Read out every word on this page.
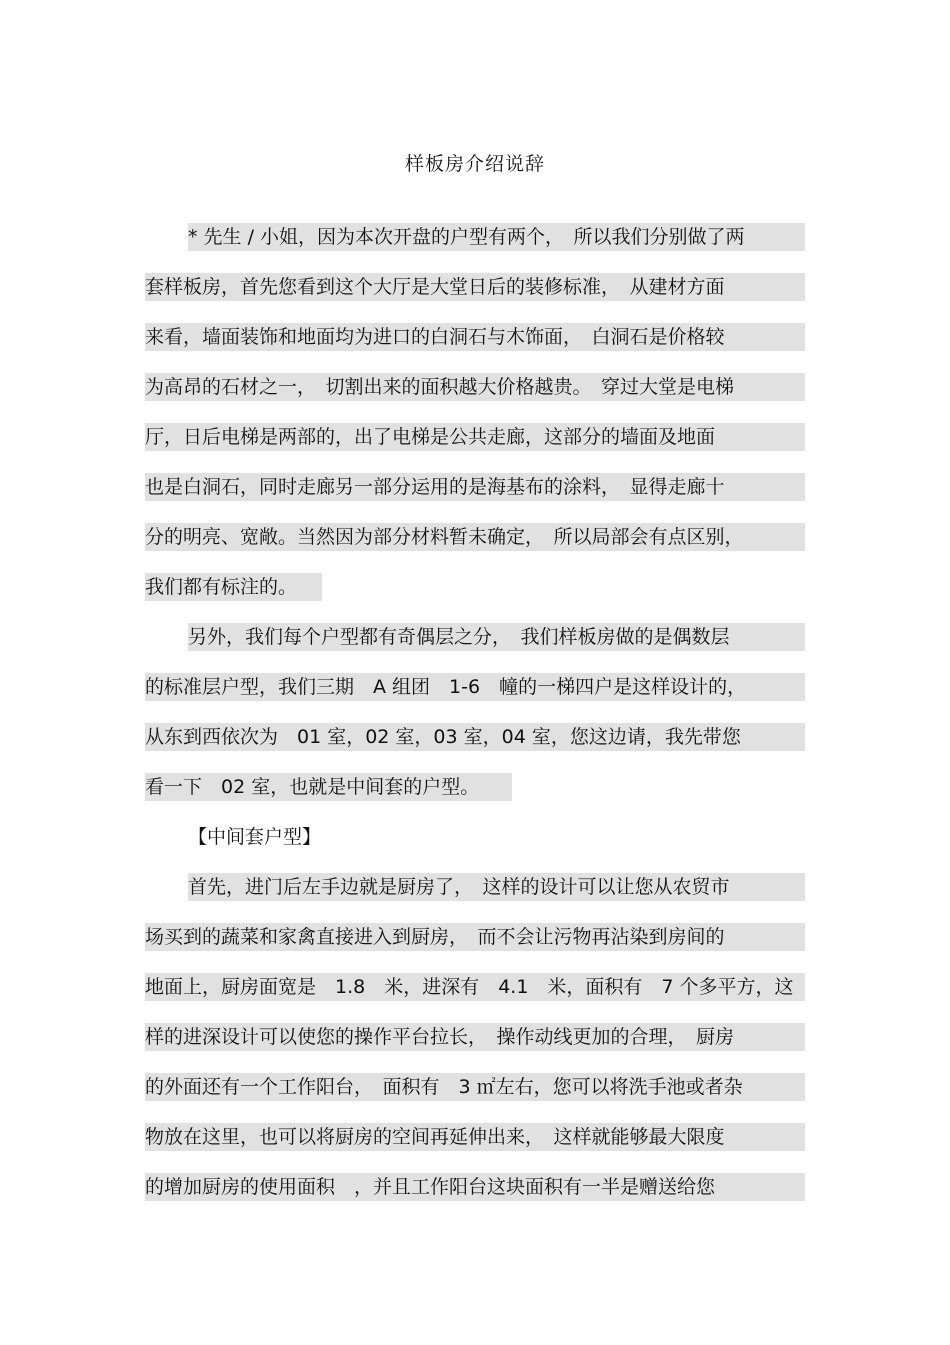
样板房介绍说辞
* 先生 / 小姐，因为本次开盘的户型有两个，　所以我们分别做了两
套样板房，首先您看到这个大厅是大堂日后的装修标准，　从建材方面
来看，墙面装饰和地面均为进口的白洞石与木饰面，　白洞石是价格较
为高昂的石材之一，　切割出来的面积越大价格越贵。　穿过大堂是电梯
厅，日后电梯是两部的，出了电梯是公共走廊，这部分的墙面及地面
也是白洞石，同时走廊另一部分运用的是海基布的涂料，　显得走廊十
分的明亮、宽敞。当然因为部分材料暂未确定，　所以局部会有点区别，
我们都有标注的。
另外，我们每个户型都有奇偶层之分，　我们样板房做的是偶数层
的标准层户型，我们三期　A 组团　1-6　幢的一梯四户是这样设计的，
从东到西依次为　01 室，02 室，03 室，04 室，您这边请，我先带您
看一下　02 室，也就是中间套的户型。
【中间套户型】
首先，进门后左手边就是厨房了，　这样的设计可以让您从农贸市
场买到的蔬菜和家禽直接进入到厨房，　而不会让污物再沾染到房间的
地面上，厨房面宽是　1.8　米，进深有　4.1　米，面积有　7 个多平方，这
样的进深设计可以使您的操作平台拉长，　操作动线更加的合理，　厨房
的外面还有一个工作阳台，　面积有　3 ㎡左右，您可以将洗手池或者杂
物放在这里，也可以将厨房的空间再延伸出来，　这样就能够最大限度
的增加厨房的使用面积　，并且工作阳台这块面积有一半是赠送给您
